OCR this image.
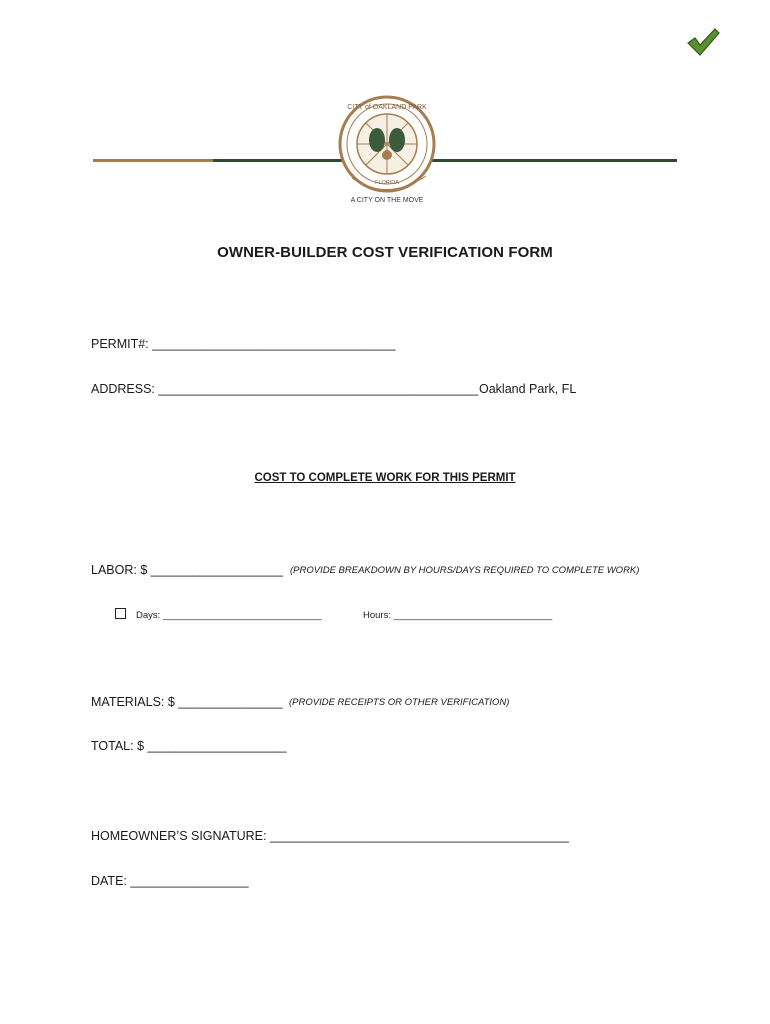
CITY of OAKLAND PARK
FLORIDA
A CITY ON THE MOVE
OWNER-BUILDER COST VERIFICATION FORM
PERMIT#: ___________________________________
ADDRESS: ______________________________________________ Oakland Park, FL
COST TO COMPLETE WORK FOR THIS PERMIT
LABOR: $ ___________________ (PROVIDE BREAKDOWN BY HOURS/DAYS REQUIRED TO COMPLETE WORK)
Days: ______________________________	Hours: ______________________________
MATERIALS: $ _______________ (PROVIDE RECEIPTS OR OTHER VERIFICATION)
TOTAL: $ ____________________
HOMEOWNER’S SIGNATURE: ___________________________________________
DATE: _________________
